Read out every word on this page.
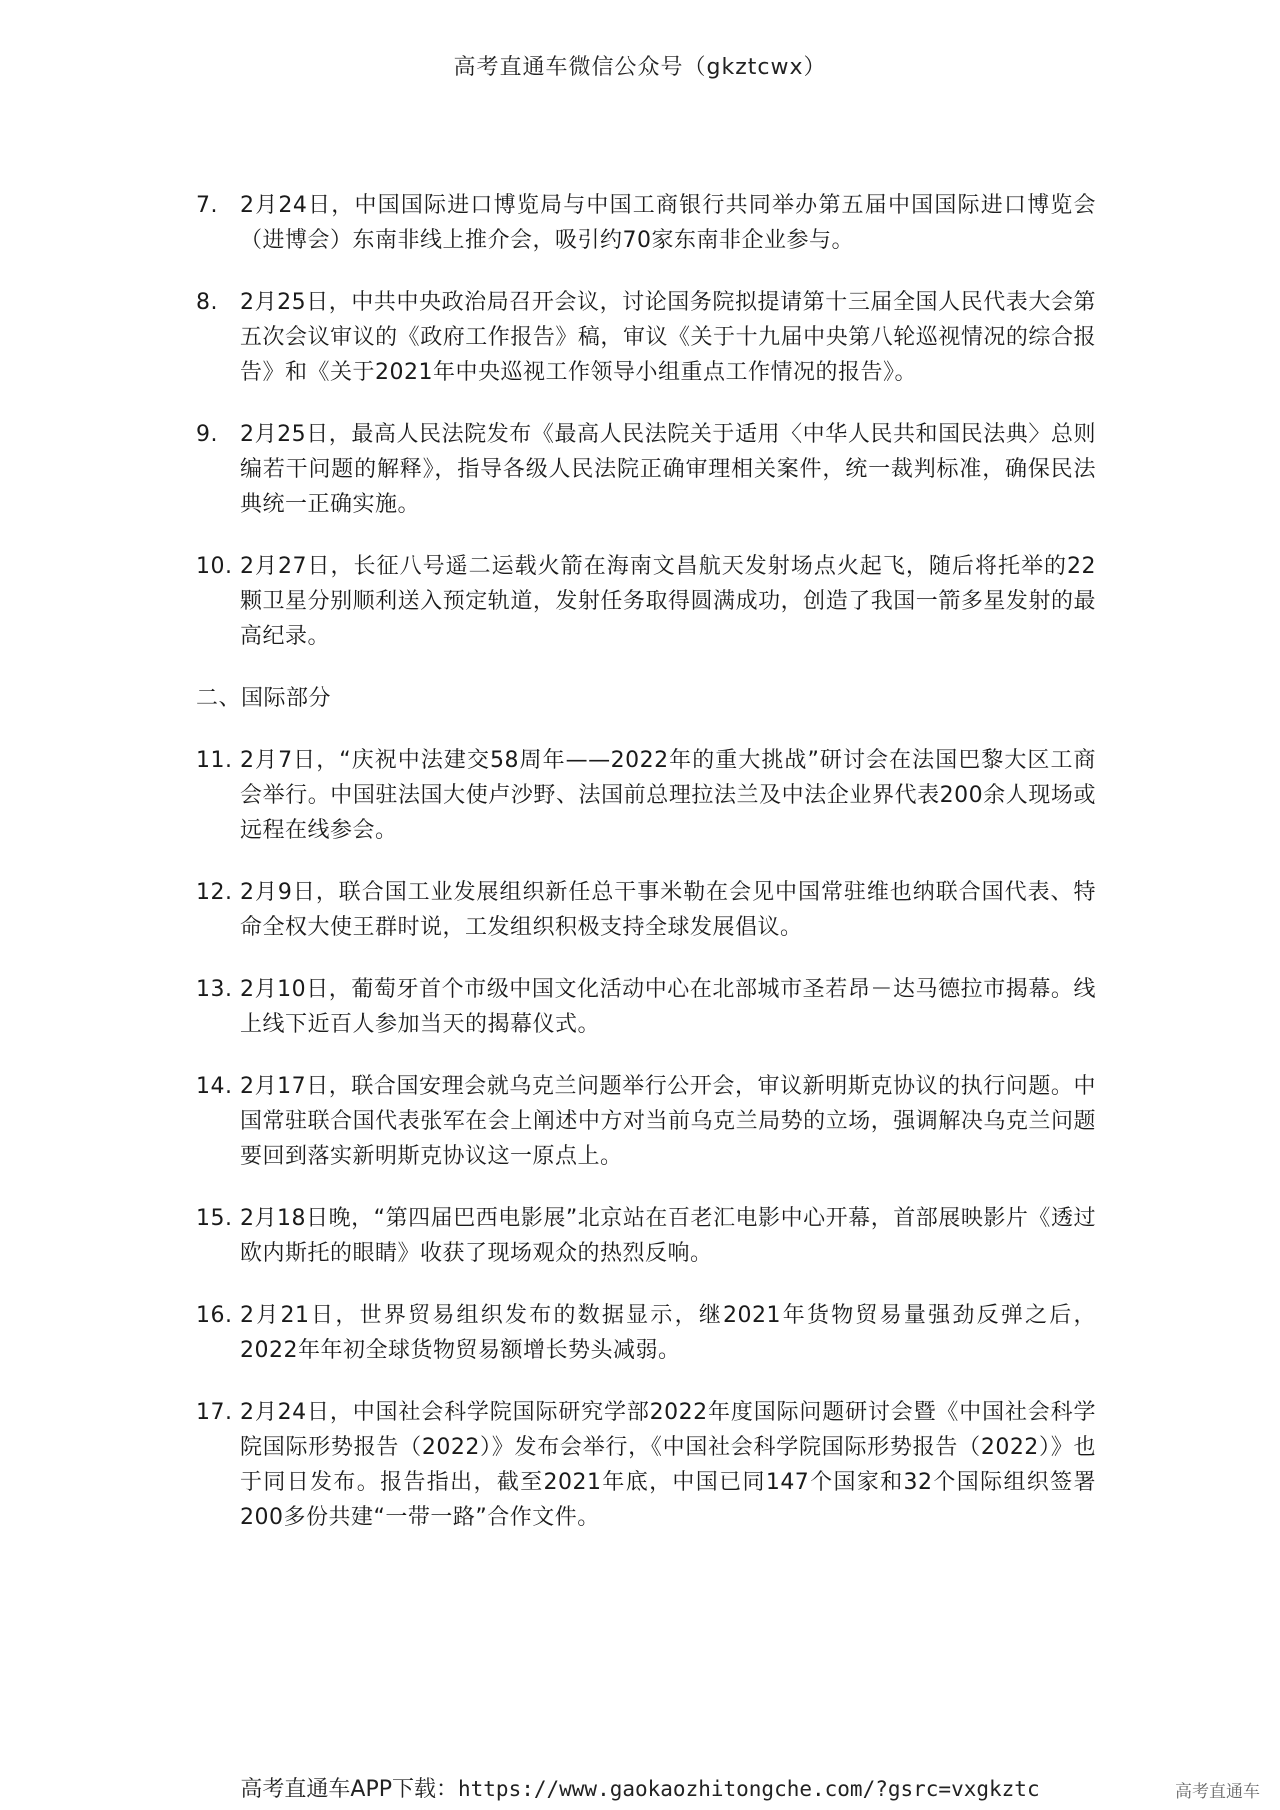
高考直通车微信公众号（gkztcwx）
7.	2月24日，中国国际进口博览局与中国工商银行共同举办第五届中国国际进口博览会（进博会）东南非线上推介会，吸引约70家东南非企业参与。
8.	2月25日，中共中央政治局召开会议，讨论国务院拟提请第十三届全国人民代表大会第五次会议审议的《政府工作报告》稿，审议《关于十九届中央第八轮巡视情况的综合报告》和《关于2021年中央巡视工作领导小组重点工作情况的报告》。
9.	2月25日，最高人民法院发布《最高人民法院关于适用〈中华人民共和国民法典〉总则编若干问题的解释》，指导各级人民法院正确审理相关案件，统一裁判标准，确保民法典统一正确实施。
10. 2月27日，长征八号遥二运载火箭在海南文昌航天发射场点火起飞，随后将托举的22颗卫星分别顺利送入预定轨道，发射任务取得圆满成功，创造了我国一箭多星发射的最高纪录。
二、国际部分
11. 2月7日，“庆祝中法建交58周年——2022年的重大挑战”研讨会在法国巴黎大区工商会举行。中国驻法国大使卢沙野、法国前总理拉法兰及中法企业界代表200余人现场或远程在线参会。
12. 2月9日，联合国工业发展组织新任总干事米勒在会见中国常驻维也纳联合国代表、特命全权大使王群时说，工发组织积极支持全球发展倡议。
13. 2月10日，葡萄牙首个市级中国文化活动中心在北部城市圣若昂－达马德拉市揭幕。线上线下近百人参加当天的揭幕仪式。
14. 2月17日，联合国安理会就乌克兰问题举行公开会，审议新明斯克协议的执行问题。中国常驻联合国代表张军在会上阐述中方对当前乌克兰局势的立场，强调解决乌克兰问题要回到落实新明斯克协议这一原点上。
15. 2月18日晚，“第四届巴西电影展”北京站在百老汇电影中心开幕，首部展映影片《透过欧内斯托的眼睛》收获了现场观众的热烈反响。
16. 2月21日，世界贸易组织发布的数据显示，继2021年货物贸易量强劲反弹之后，2022年年初全球货物贸易额增长势头减弱。
17. 2月24日，中国社会科学院国际研究学部2022年度国际问题研讨会暨《中国社会科学院国际形势报告（2022）》发布会举行，《中国社会科学院国际形势报告（2022）》也于同日发布。报告指出，截至2021年底，中国已同147个国家和32个国际组织签署200多份共建“一带一路”合作文件。
高考直通车APP下载：https://www.gaokaozhitongche.com/?gsrc=vxgkztc	高考直通车
